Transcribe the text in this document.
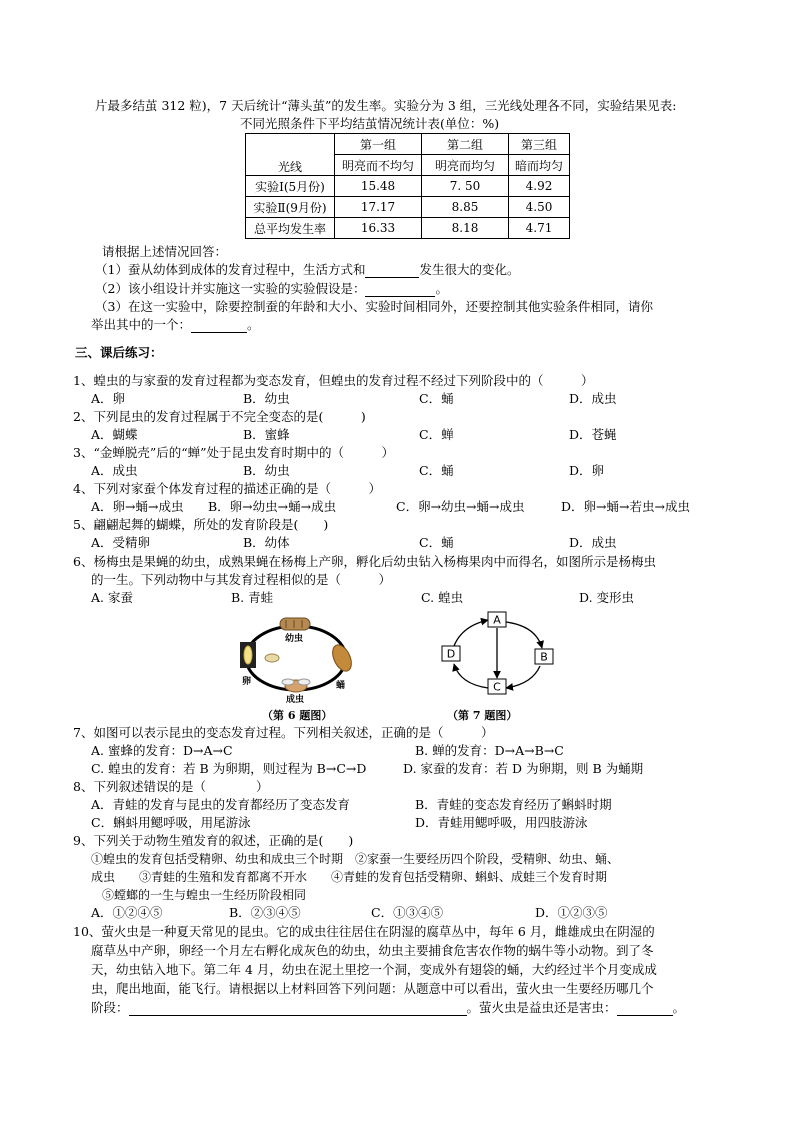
片最多结茧 312 粒)，7 天后统计“薄头茧”的发生率。实验分为 3 组，三光线处理各不同，实验结果见表:
不同光照条件下平均结茧情况统计表(单位：%)
光线	第一组	第二组	第三组
	明亮而不均匀	明亮而均匀	暗而均匀
实验Ⅰ(5月份)	15.48	7. 50	4.92
实验Ⅱ(9月份)	17.17	8.85	4.50
总平均发生率	16.33	8.18	4.71
请根据上述情况回答：
（1）蚕从幼体到成体的发育过程中，生活方式和	发生很大的变化。
（2）该小组设计并实施这一实验的实验假设是：	。
（3）在这一实验中，除要控制蚕的年龄和大小、实验时间相同外，还要控制其他实验条件相同，请你
举出其中的一个：	。
三、课后练习：
1、蝗虫的与家蚕的发育过程都为变态发育，但蝗虫的发育过程不经过下列阶段中的（　　　）
A．卵	B．幼虫	C．蛹	D．成虫
2、下列昆虫的发育过程属于不完全变态的是(　　　)
A．蝴蝶	B．蜜蜂	C．蝉	D．苍蝇
3、“金蝉脱壳”后的“蝉”处于昆虫发育时期中的（　　　）
A．成虫	B．幼虫	C．蛹	D．卵
4、下列对家蚕个体发育过程的描述正确的是（　　　）
A．卵→蛹→成虫 B．卵→幼虫→蛹→成虫	C．卵→幼虫→蛹→成虫	D．卵→蛹→若虫→成虫
5、翩翩起舞的蝴蝶，所处的发育阶段是(　　)
A．受精卵	B．幼体	C．蛹	D．成虫
6、杨梅虫是果蝇的幼虫，成熟果蝇在杨梅上产卵，孵化后幼虫钻入杨梅果肉中而得名，如图所示是杨梅虫
的一生。下列动物中与其发育过程相似的是（　　　）
A. 家蚕	B. 青蛙	C. 蝗虫	D. 变形虫
幼虫
蛹
卵
成虫
（第 6 题图）
A
B
C
D
（第 7 题图）
7、如图可以表示昆虫的变态发育过程。下列相关叙述，正确的是（　　　）
A. 蜜蜂的发育：D→A→C	B. 蝉的发育：D→A→B→C
C. 蝗虫的发育：若 B 为卵期，则过程为 B→C→D	D. 家蚕的发育：若 D 为卵期，则 B 为蛹期
8、下列叙述错误的是（　　　　）
A．青蛙的发育与昆虫的发育都经历了变态发育	B．青蛙的变态发育经历了蝌蚪时期
C．蝌蚪用鳃呼吸，用尾游泳	D．青蛙用鳃呼吸，用四肢游泳
9、下列关于动物生殖发育的叙述，正确的是(　　)
①蝗虫的发育包括受精卵、幼虫和成虫三个时期 ②家蚕一生要经历四个阶段，受精卵、幼虫、蛹、
成虫 ③青蛙的生殖和发育都离不开水 ④青蛙的发育包括受精卵、蝌蚪、成蛙三个发育时期
⑤螳螂的一生与蝗虫一生经历阶段相同
A．①②④⑤	B．②③④⑤	C．①③④⑤	D．①②③⑤
10、萤火虫是一种夏天常见的昆虫。它的成虫往往居住在阴湿的腐草丛中，每年 6 月，雌雄成虫在阴湿的
腐草丛中产卵，卵经一个月左右孵化成灰色的幼虫，幼虫主要捕食危害农作物的蜗牛等小动物。到了冬
天，幼虫钻入地下。第二年 4 月，幼虫在泥土里挖一个洞，变成外有翅袋的蛹，大约经过半个月变成成
虫，爬出地面，能飞行。请根据以上材料回答下列问题：从题意中可以看出，萤火虫一生要经历哪几个
阶段：	。萤火虫是益虫还是害虫：	。
